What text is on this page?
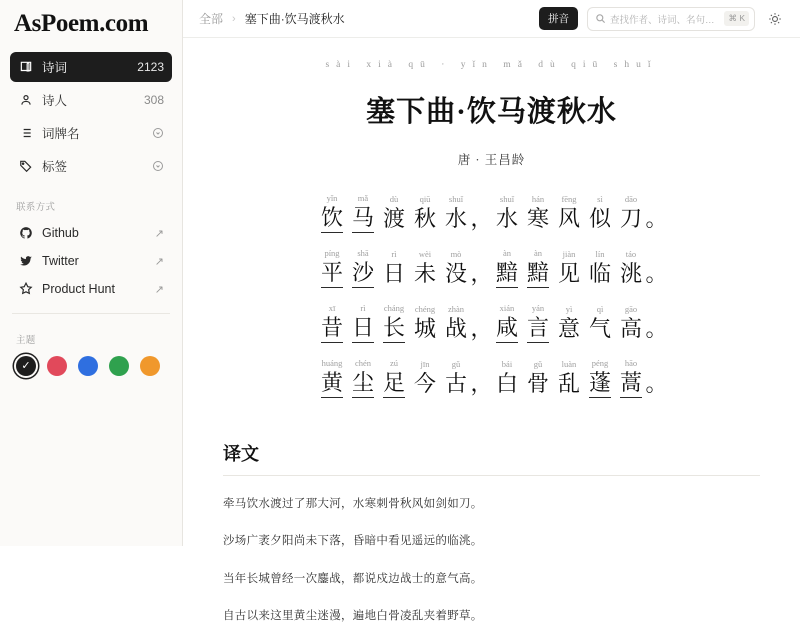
AsPoem.com
诗词	2123
诗人	308
词牌名
标签
联系方式
Github	↗
Twitter	↗
Product Hunt	↗
主题
✓
全部 › 塞下曲·饮马渡秋水	拼音	查找作者、诗词、名句…	⌘ K
sài xià qū · yǐn mǎ dù qiū shuǐ
塞下曲·饮马渡秋水
唐 · 王昌龄
yǐn
饮
mǎ
马
dù
渡
qiū
秋
shuǐ
水 ，
shuǐ
水
hán
寒
fēng
风
sì
似
dāo
刀 。
píng
平
shā
沙
rì
日
wèi
未
mò
没 ，
àn
黯
àn
黯
jiàn
见
lín
临
táo
洮 。
xī
昔
rì
日
cháng
长
chéng
城
zhàn
战 ，
xián
咸
yán
言
yì
意
qì
气
gāo
高 。
huáng
黄
chén
尘
zú
足
jīn
今
gǔ
古 ，
bái
白
gǔ
骨
luàn
乱
péng
蓬
hāo
蒿 。
译文

牵马饮水渡过了那大河，水寒刺骨秋风如剑如刀。

沙场广袤夕阳尚未下落，昏暗中看见遥远的临洮。

当年长城曾经一次鏖战，都说戍边战士的意气高。

自古以来这里黄尘迷漫，遍地白骨凌乱夹着野草。
